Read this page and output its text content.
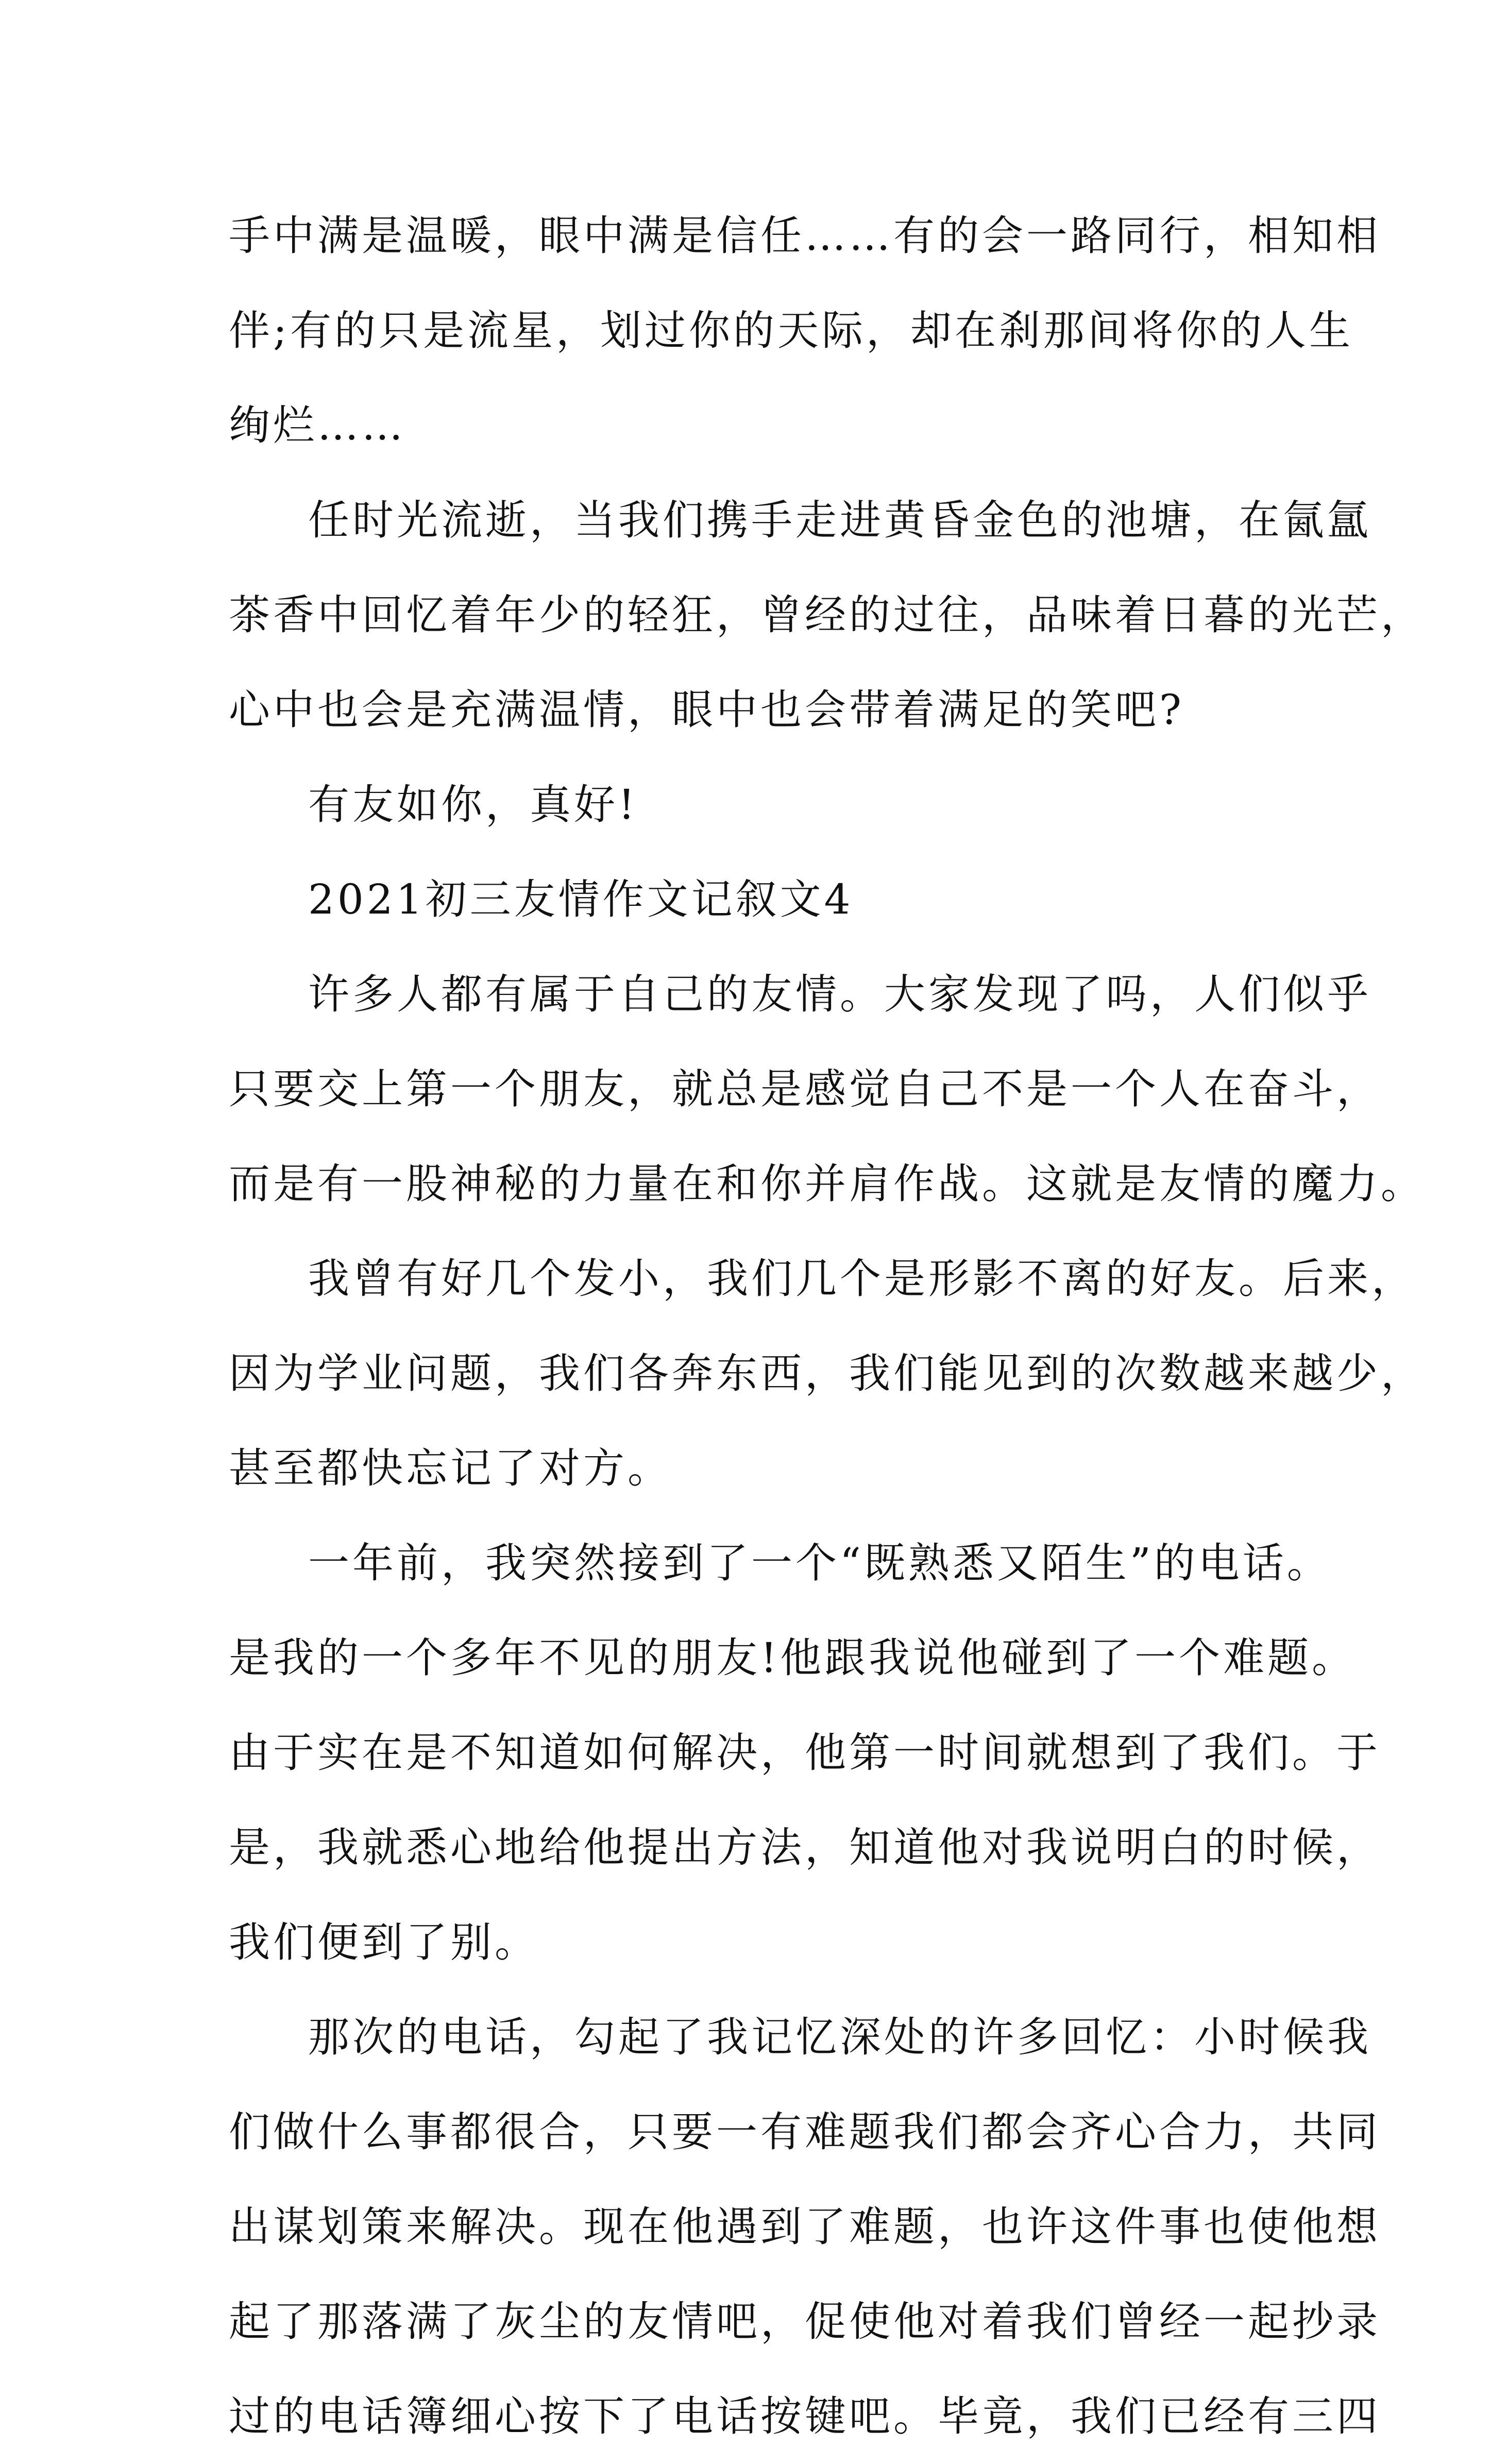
手中满是温暖，眼中满是信任……有的会一路同行，相知相
伴;有的只是流星，划过你的天际，却在刹那间将你的人生
绚烂……
任时光流逝，当我们携手走进黄昏金色的池塘，在氤氲
茶香中回忆着年少的轻狂，曾经的过往，品味着日暮的光芒，
心中也会是充满温情，眼中也会带着满足的笑吧?
有友如你，真好!
2021初三友情作文记叙文4
许多人都有属于自己的友情。大家发现了吗，人们似乎
只要交上第一个朋友，就总是感觉自己不是一个人在奋斗，
而是有一股神秘的力量在和你并肩作战。这就是友情的魔力。
我曾有好几个发小，我们几个是形影不离的好友。后来，
因为学业问题，我们各奔东西，我们能见到的次数越来越少，
甚至都快忘记了对方。
一年前，我突然接到了一个“既熟悉又陌生”的电话。
是我的一个多年不见的朋友!他跟我说他碰到了一个难题。
由于实在是不知道如何解决，他第一时间就想到了我们。于
是，我就悉心地给他提出方法，知道他对我说明白的时候，
我们便到了别。
那次的电话，勾起了我记忆深处的许多回忆：小时候我
们做什么事都很合，只要一有难题我们都会齐心合力，共同
出谋划策来解决。现在他遇到了难题，也许这件事也使他想
起了那落满了灰尘的友情吧，促使他对着我们曾经一起抄录
过的电话簿细心按下了电话按键吧。毕竟，我们已经有三四
